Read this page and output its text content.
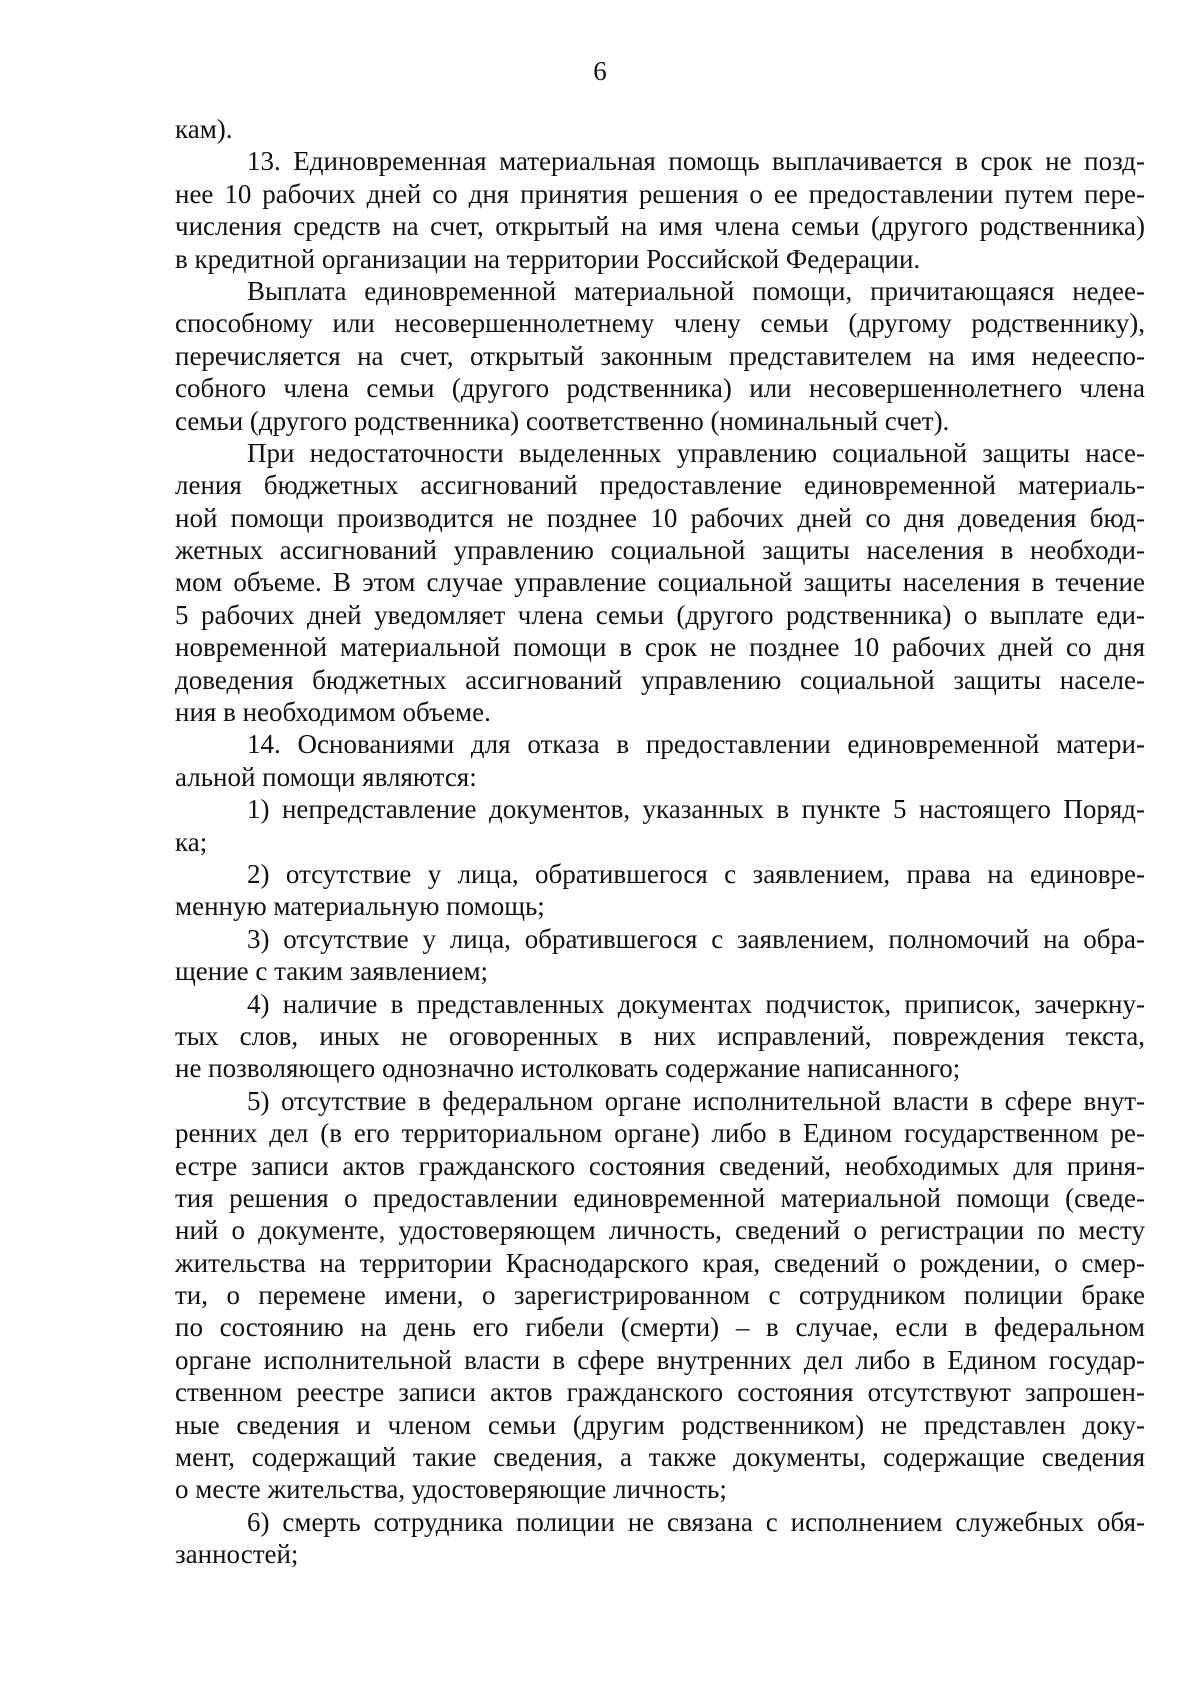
6
кам).
13. Единовременная материальная помощь выплачивается в срок не позд-
нее 10 рабочих дней со дня принятия решения о ее предоставлении путем пере-
числения средств на счет, открытый на имя члена семьи (другого родственника)
в кредитной организации на территории Российской Федерации.
Выплата единовременной материальной помощи, причитающаяся недее-
способному или несовершеннолетнему члену семьи (другому родственнику),
перечисляется на счет, открытый законным представителем на имя недееспо-
собного члена семьи (другого родственника) или несовершеннолетнего члена
семьи (другого родственника) соответственно (номинальный счет).
При недостаточности выделенных управлению социальной защиты насе-
ления бюджетных ассигнований предоставление единовременной материаль-
ной помощи производится не позднее 10 рабочих дней со дня доведения бюд-
жетных ассигнований управлению социальной защиты населения в необходи-
мом объеме. В этом случае управление социальной защиты населения в течение
5 рабочих дней уведомляет члена семьи (другого родственника) о выплате еди-
новременной материальной помощи в срок не позднее 10 рабочих дней со дня
доведения бюджетных ассигнований управлению социальной защиты населе-
ния в необходимом объеме.
14. Основаниями для отказа в предоставлении единовременной матери-
альной помощи являются:
1) непредставление документов, указанных в пункте 5 настоящего Поряд-
ка;
2) отсутствие у лица, обратившегося с заявлением, права на единовре-
менную материальную помощь;
3) отсутствие у лица, обратившегося с заявлением, полномочий на обра-
щение с таким заявлением;
4) наличие в представленных документах подчисток, приписок, зачеркну-
тых слов, иных не оговоренных в них исправлений, повреждения текста,
не позволяющего однозначно истолковать содержание написанного;
5) отсутствие в федеральном органе исполнительной власти в сфере внут-
ренних дел (в его территориальном органе) либо в Едином государственном ре-
естре записи актов гражданского состояния сведений, необходимых для приня-
тия решения о предоставлении единовременной материальной помощи (сведе-
ний о документе, удостоверяющем личность, сведений о регистрации по месту
жительства на территории Краснодарского края, сведений о рождении, о смер-
ти, о перемене имени, о зарегистрированном с сотрудником полиции браке
по состоянию на день его гибели (смерти) – в случае, если в федеральном
органе исполнительной власти в сфере внутренних дел либо в Едином государ-
ственном реестре записи актов гражданского состояния отсутствуют запрошен-
ные сведения и членом семьи (другим родственником) не представлен доку-
мент, содержащий такие сведения, а также документы, содержащие сведения
о месте жительства, удостоверяющие личность;
6) смерть сотрудника полиции не связана с исполнением служебных обя-
занностей;
